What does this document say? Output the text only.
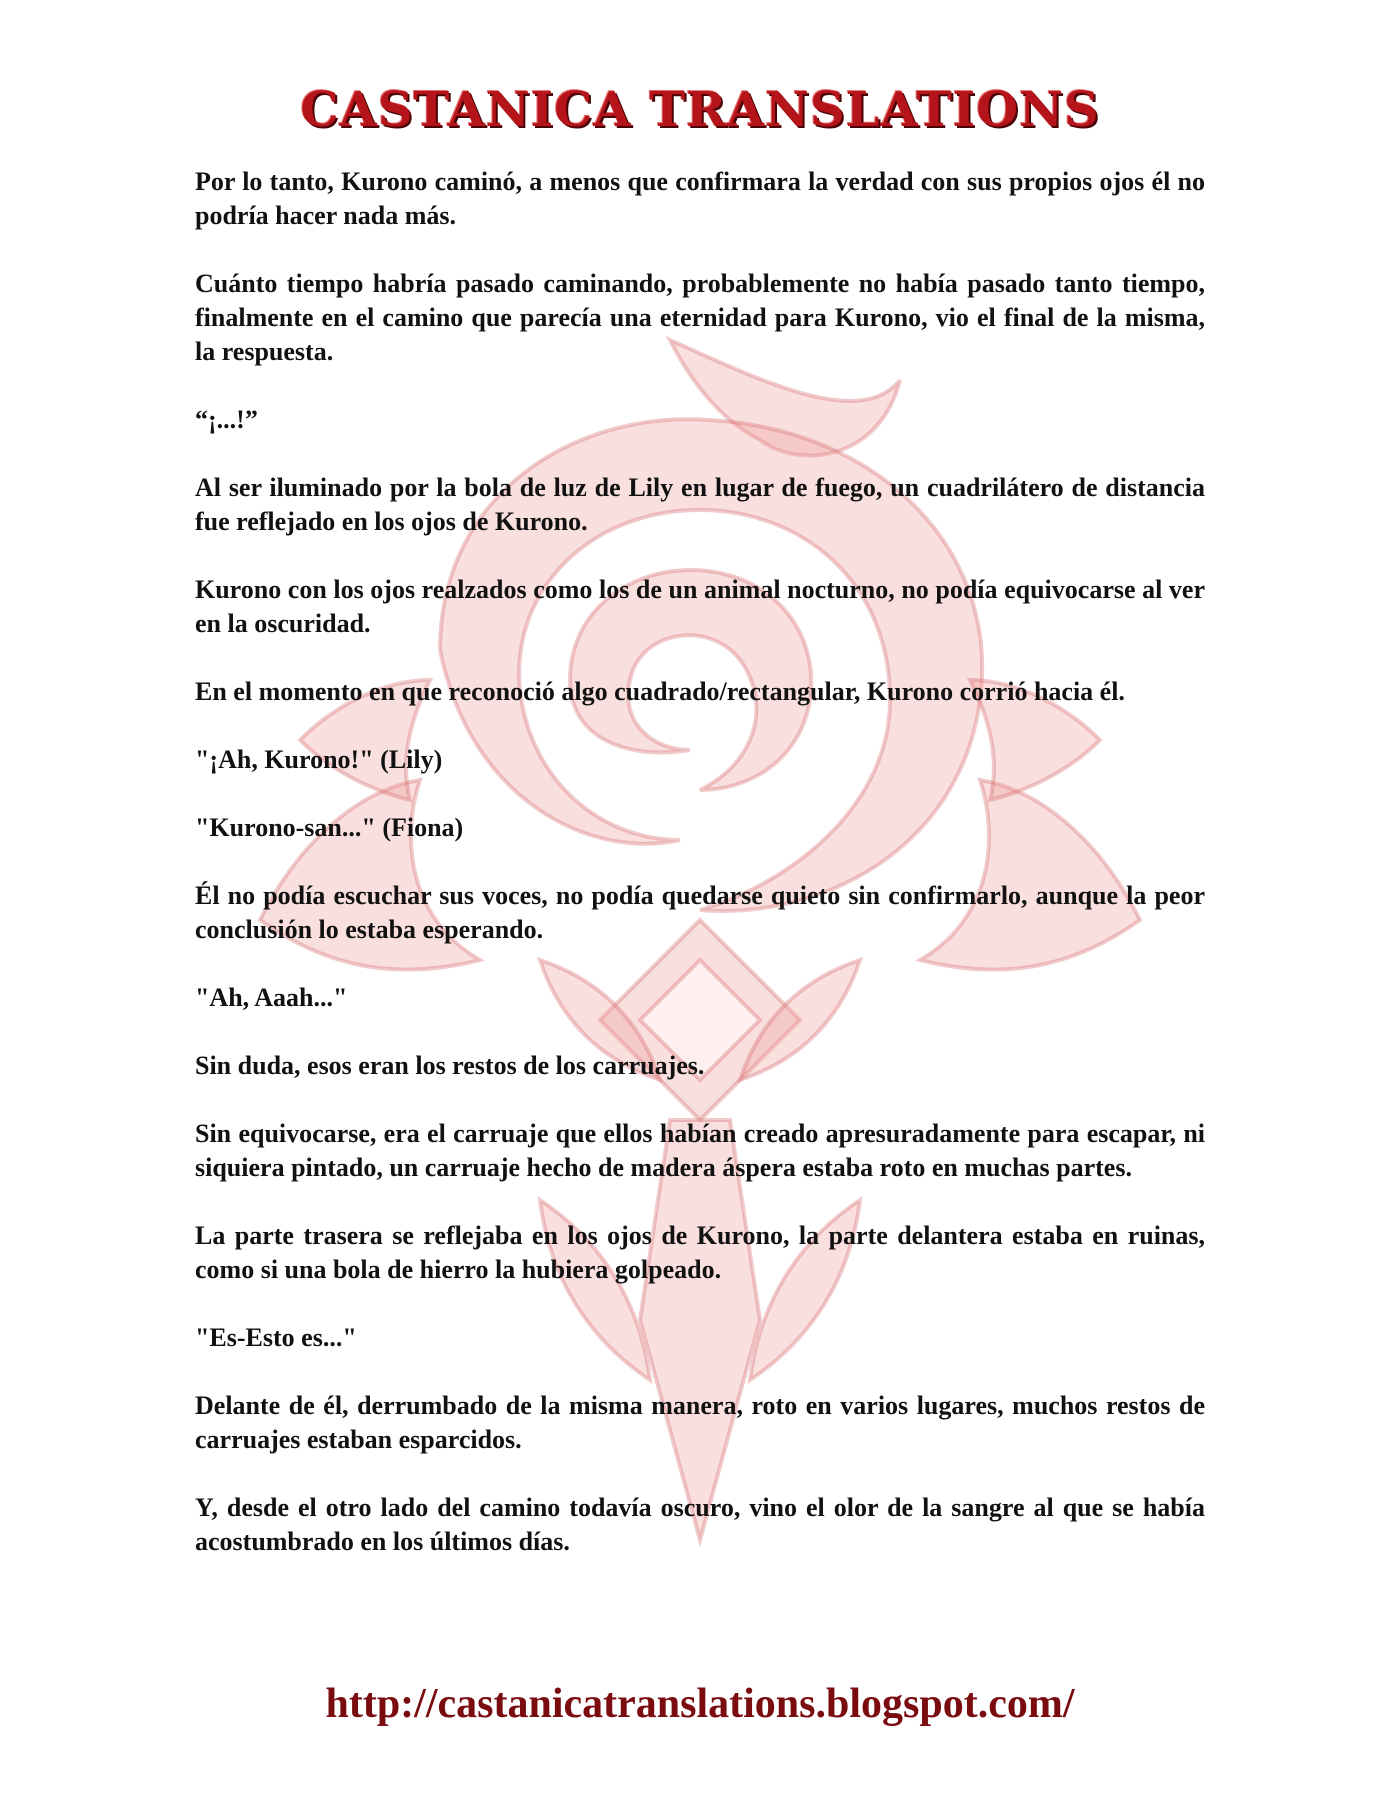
CASTANICA TRANSLATIONS

Por lo tanto, Kurono caminó, a menos que confirmara la verdad con sus propios ojos él no podría hacer nada más.

Cuánto tiempo habría pasado caminando, probablemente no había pasado tanto tiempo, finalmente en el camino que parecía una eternidad para Kurono, vio el final de la misma, la respuesta.

“¡...!”

Al ser iluminado por la bola de luz de Lily en lugar de fuego, un cuadrilátero de distancia fue reflejado en los ojos de Kurono.

Kurono con los ojos realzados como los de un animal nocturno, no podía equivocarse al ver en la oscuridad.

En el momento en que reconoció algo cuadrado/rectangular, Kurono corrió hacia él.

"¡Ah, Kurono!" (Lily)

"Kurono-san..." (Fiona)

Él no podía escuchar sus voces, no podía quedarse quieto sin confirmarlo, aunque la peor conclusión lo estaba esperando.

"Ah, Aaah..."

Sin duda, esos eran los restos de los carruajes.

Sin equivocarse, era el carruaje que ellos habían creado apresuradamente para escapar, ni siquiera pintado, un carruaje hecho de madera áspera estaba roto en muchas partes.

La parte trasera se reflejaba en los ojos de Kurono, la parte delantera estaba en ruinas, como si una bola de hierro la hubiera golpeado.

"Es-Esto es..."

Delante de él, derrumbado de la misma manera, roto en varios lugares, muchos restos de carruajes estaban esparcidos.

Y, desde el otro lado del camino todavía oscuro, vino el olor de la sangre al que se había acostumbrado en los últimos días.

http://castanicatranslations.blogspot.com/
